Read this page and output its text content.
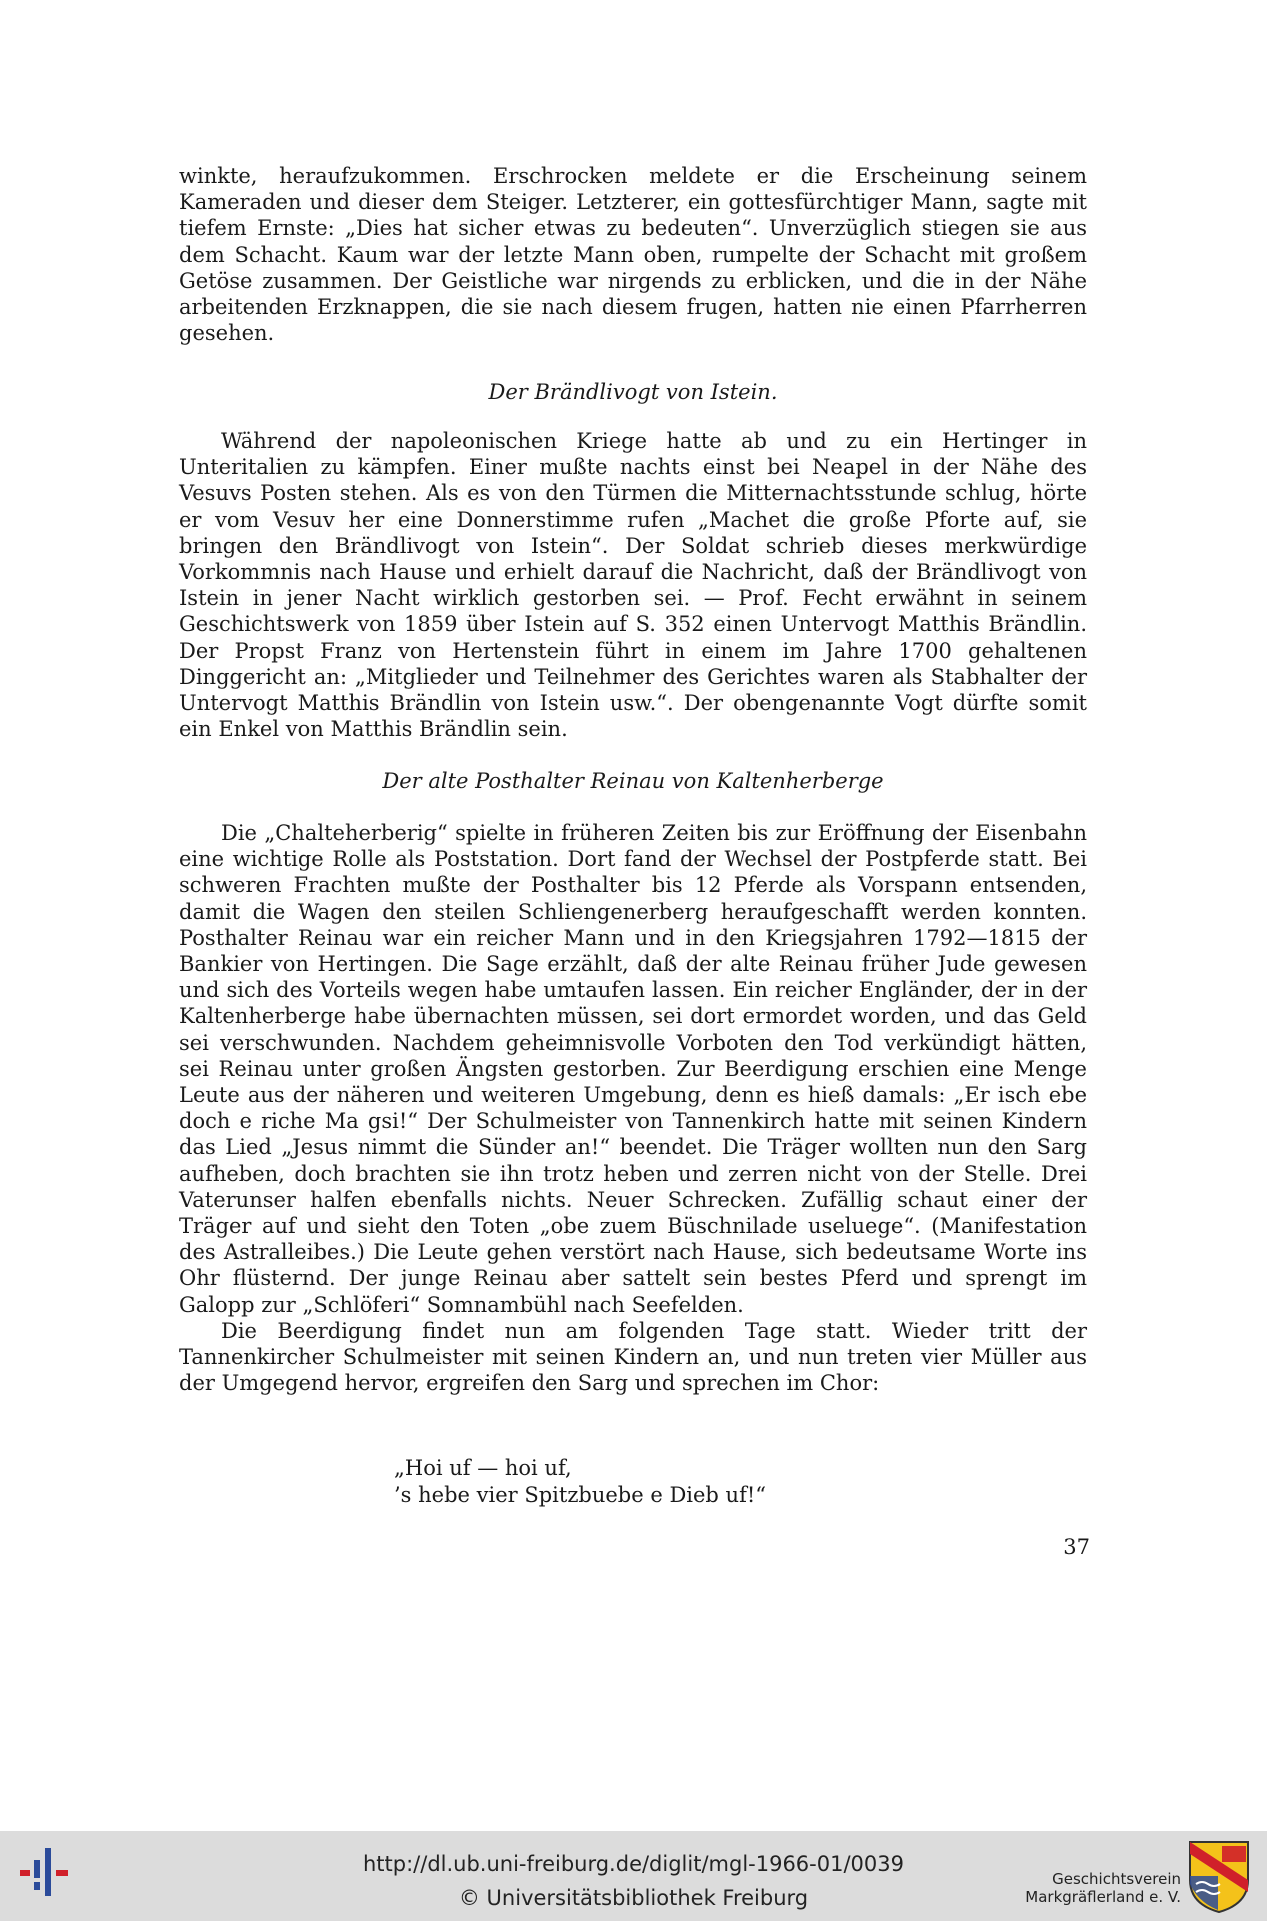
winkte, heraufzukommen. Erschrocken meldete er die Erscheinung seinem Kameraden und dieser dem Steiger. Letzterer, ein gottesfürchtiger Mann, sagte mit tiefem Ernste: „Dies hat sicher etwas zu bedeuten“. Unverzüglich stiegen sie aus dem Schacht. Kaum war der letzte Mann oben, rumpelte der Schacht mit großem Getöse zusammen. Der Geistliche war nirgends zu erblicken, und die in der Nähe arbeitenden Erzknappen, die sie nach diesem frugen, hatten nie einen Pfarrherren gesehen.

Der Brändlivogt von Istein.

Während der napoleonischen Kriege hatte ab und zu ein Hertinger in Unteritalien zu kämpfen. Einer mußte nachts einst bei Neapel in der Nähe des Vesuvs Posten stehen. Als es von den Türmen die Mitternachtsstunde schlug, hörte er vom Vesuv her eine Donnerstimme rufen „Machet die große Pforte auf, sie bringen den Brändlivogt von Istein“. Der Soldat schrieb dieses merkwürdige Vorkommnis nach Hause und erhielt darauf die Nachricht, daß der Brändlivogt von Istein in jener Nacht wirklich gestorben sei. — Prof. Fecht erwähnt in seinem Geschichtswerk von 1859 über Istein auf S. 352 einen Untervogt Matthis Brändlin. Der Propst Franz von Hertenstein führt in einem im Jahre 1700 gehaltenen Dinggericht an: „Mitglieder und Teilnehmer des Gerichtes waren als Stabhalter der Untervogt Matthis Brändlin von Istein usw.“. Der obengenannte Vogt dürfte somit ein Enkel von Matthis Brändlin sein.

Der alte Posthalter Reinau von Kaltenherberge

Die „Chalteherberig“ spielte in früheren Zeiten bis zur Eröffnung der Eisenbahn eine wichtige Rolle als Poststation. Dort fand der Wechsel der Postpferde statt. Bei schweren Frachten mußte der Posthalter bis 12 Pferde als Vorspann entsenden, damit die Wagen den steilen Schliengenerberg heraufgeschafft werden konnten. Posthalter Reinau war ein reicher Mann und in den Kriegsjahren 1792—1815 der Bankier von Hertingen. Die Sage erzählt, daß der alte Reinau früher Jude gewesen und sich des Vorteils wegen habe umtaufen lassen. Ein reicher Engländer, der in der Kaltenherberge habe übernachten müssen, sei dort ermordet worden, und das Geld sei verschwunden. Nachdem geheimnisvolle Vorboten den Tod verkündigt hätten, sei Reinau unter großen Ängsten gestorben. Zur Beerdigung erschien eine Menge Leute aus der näheren und weiteren Umgebung, denn es hieß damals: „Er isch ebe doch e riche Ma gsi!“ Der Schulmeister von Tannenkirch hatte mit seinen Kindern das Lied „Jesus nimmt die Sünder an!“ beendet. Die Träger wollten nun den Sarg aufheben, doch brachten sie ihn trotz heben und zerren nicht von der Stelle. Drei Vaterunser halfen ebenfalls nichts. Neuer Schrecken. Zufällig schaut einer der Träger auf und sieht den Toten „obe zuem Büschnilade useluege“. (Manifestation des Astralleibes.) Die Leute gehen verstört nach Hause, sich bedeutsame Worte ins Ohr flüsternd. Der junge Reinau aber sattelt sein bestes Pferd und sprengt im Galopp zur „Schlöferi“ Somnambühl nach Seefelden.

Die Beerdigung findet nun am folgenden Tage statt. Wieder tritt der Tannenkircher Schulmeister mit seinen Kindern an, und nun treten vier Müller aus der Umgegend hervor, ergreifen den Sarg und sprechen im Chor:

„Hoi uf — hoi uf,
’s hebe vier Spitzbuebe e Dieb uf!“
37
http://dl.ub.uni-freiburg.de/diglit/mgl-1966-01/0039
© Universitätsbibliothek Freiburg
Geschichtsverein
Markgräflerland e. V.
